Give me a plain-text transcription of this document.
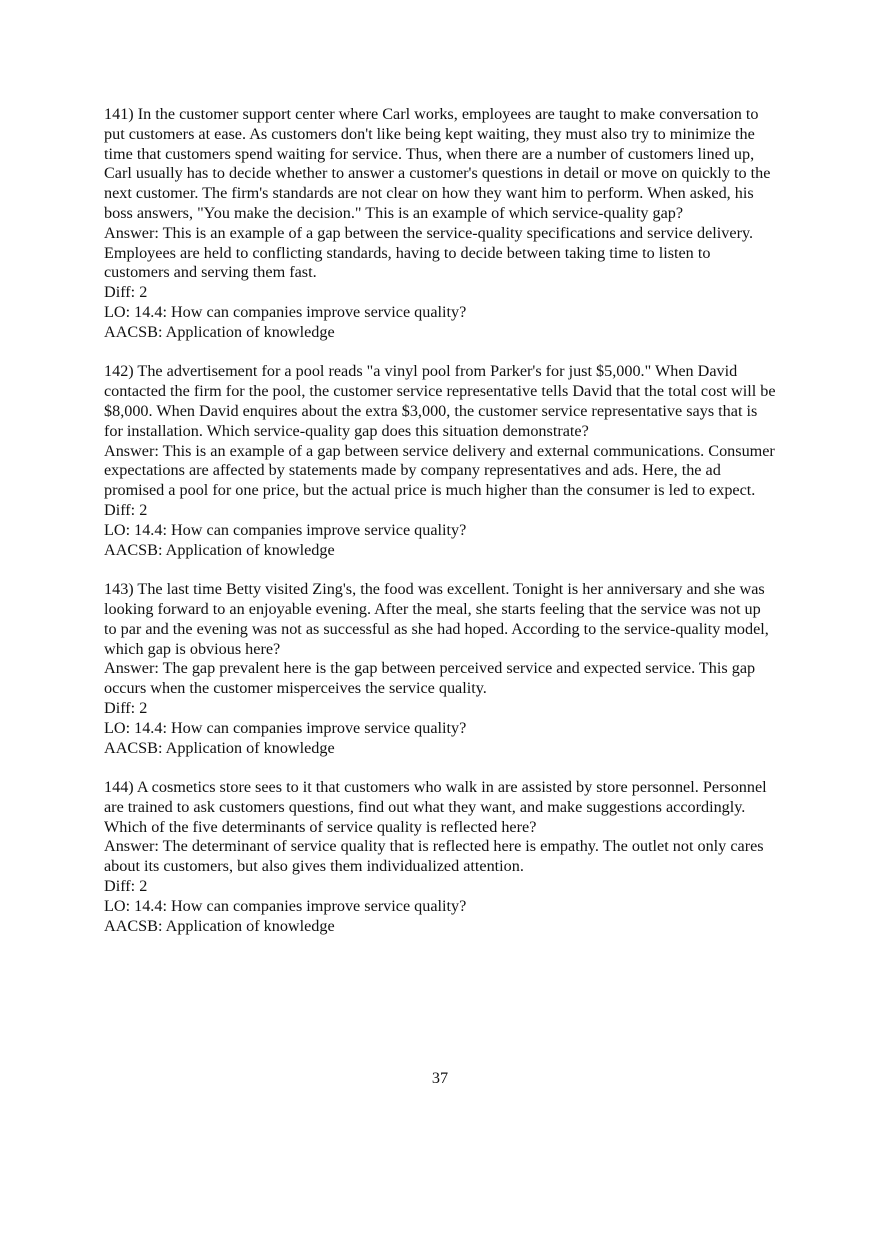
141) In the customer support center where Carl works, employees are taught to make conversation to put customers at ease. As customers don't like being kept waiting, they must also try to minimize the time that customers spend waiting for service. Thus, when there are a number of customers lined up, Carl usually has to decide whether to answer a customer's questions in detail or move on quickly to the next customer. The firm's standards are not clear on how they want him to perform. When asked, his boss answers, "You make the decision." This is an example of which service-quality gap?

Answer: This is an example of a gap between the service-quality specifications and service delivery. Employees are held to conflicting standards, having to decide between taking time to listen to customers and serving them fast.

Diff: 2

LO: 14.4: How can companies improve service quality?

AACSB: Application of knowledge

142) The advertisement for a pool reads "a vinyl pool from Parker's for just $5,000." When David contacted the firm for the pool, the customer service representative tells David that the total cost will be $8,000. When David enquires about the extra $3,000, the customer service representative says that is for installation. Which service-quality gap does this situation demonstrate?

Answer: This is an example of a gap between service delivery and external communications. Consumer expectations are affected by statements made by company representatives and ads. Here, the ad promised a pool for one price, but the actual price is much higher than the consumer is led to expect.

Diff: 2

LO: 14.4: How can companies improve service quality?

AACSB: Application of knowledge

143) The last time Betty visited Zing's, the food was excellent. Tonight is her anniversary and she was looking forward to an enjoyable evening. After the meal, she starts feeling that the service was not up to par and the evening was not as successful as she had hoped. According to the service-quality model, which gap is obvious here?

Answer: The gap prevalent here is the gap between perceived service and expected service. This gap occurs when the customer misperceives the service quality.

Diff: 2

LO: 14.4: How can companies improve service quality?

AACSB: Application of knowledge

144) A cosmetics store sees to it that customers who walk in are assisted by store personnel. Personnel are trained to ask customers questions, find out what they want, and make suggestions accordingly. Which of the five determinants of service quality is reflected here?

Answer: The determinant of service quality that is reflected here is empathy. The outlet not only cares about its customers, but also gives them individualized attention.

Diff: 2

LO: 14.4: How can companies improve service quality?

AACSB: Application of knowledge

37
